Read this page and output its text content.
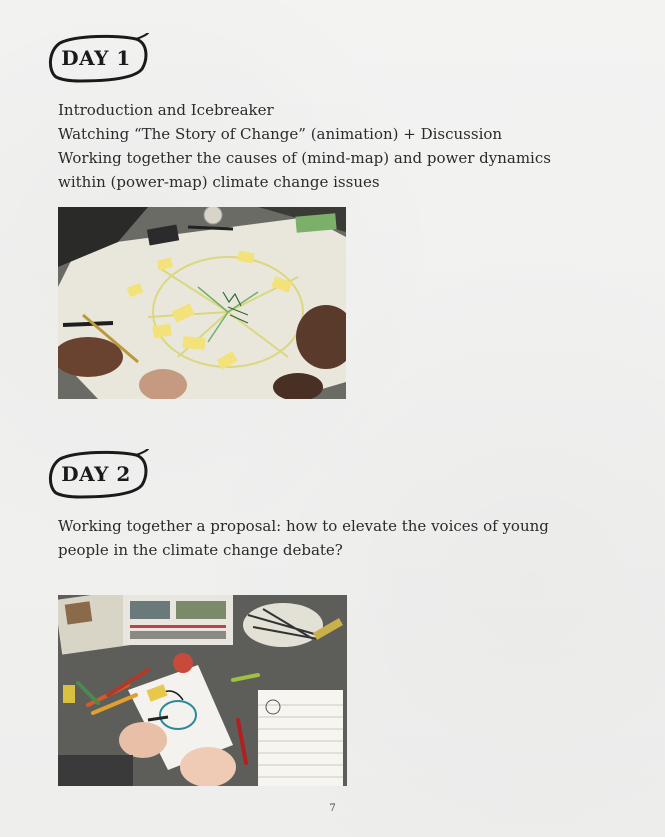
DAY 1
Introduction and Icebreaker
Watching “The Story of Change” (animation) + Discussion
Working together the causes of (mind-map) and power dynamics
within (power-map) climate change issues
DAY 2
Working together a proposal: how to elevate the voices of young
people in the climate change debate?
7
